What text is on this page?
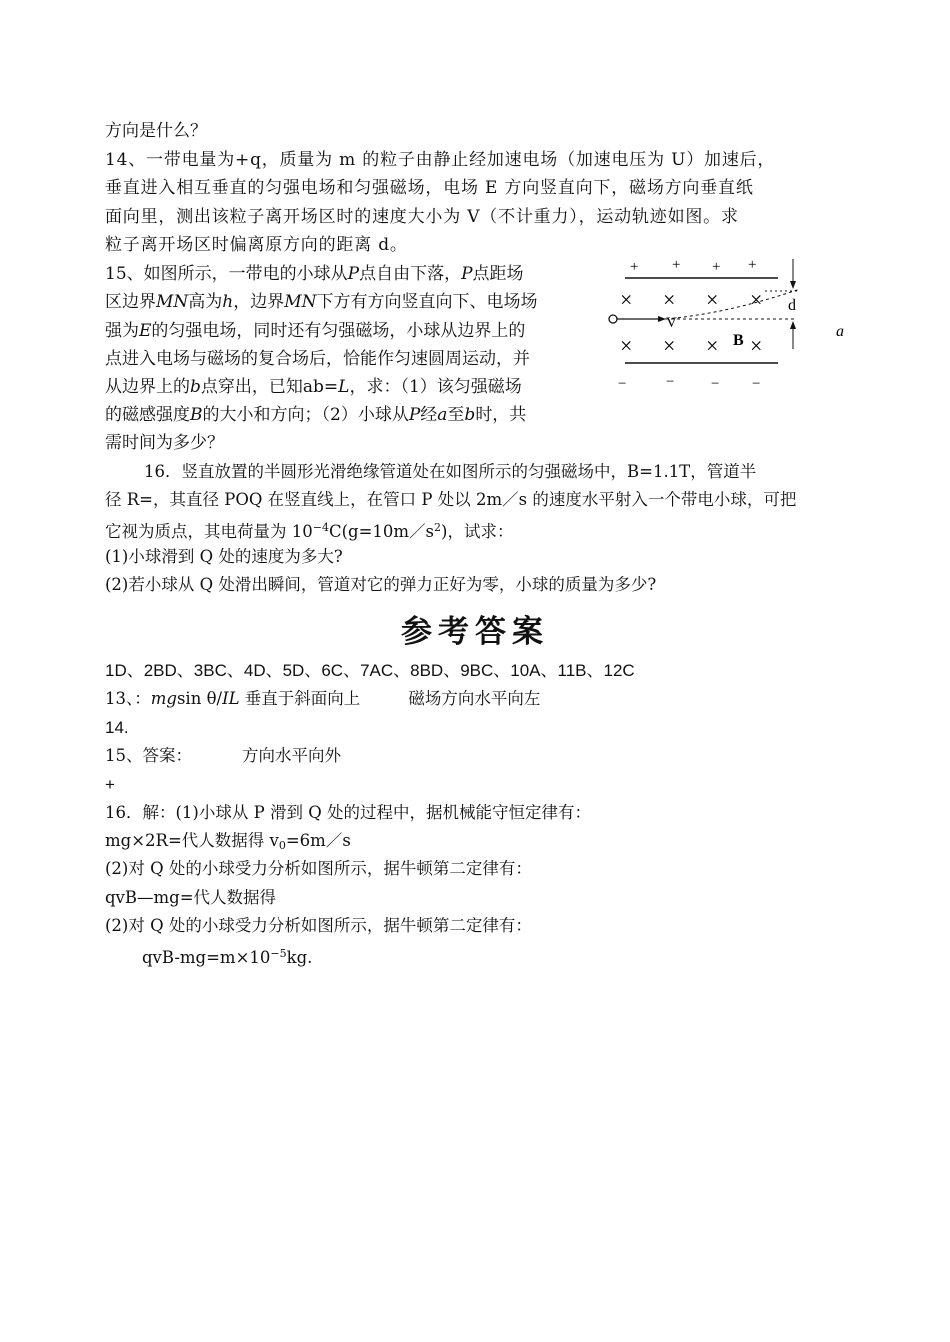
方向是什么？
14、一带电量为+q，质量为 m 的粒子由静止经加速电场（加速电压为 U）加速后，
垂直进入相互垂直的匀强电场和匀强磁场，电场 E 方向竖直向下，磁场方向垂直纸
面向里，测出该粒子离开场区时的速度大小为 V（不计重力），运动轨迹如图。求
粒子离开场区时偏离原方向的距离 d。
15、如图所示，一带电的小球从P点自由下落，P点距场
区边界MN高为h，边界MN下方有方向竖直向下、电场场
强为E的匀强电场，同时还有匀强磁场，小球从边界上的
点进入电场与磁场的复合场后，恰能作匀速圆周运动，并
从边界上的b点穿出，已知ab=L，求：（1）该匀强磁场
的磁感强度B的大小和方向；（2）小球从P经a至b时，共
需时间为多少？
+ + + +
× × × ×
× × × ×
V
B
d
a
−	− − −
16．竖直放置的半圆形光滑绝缘管道处在如图所示的匀强磁场中，B=1.1T，管道半
径 R=，其直径 POQ 在竖直线上，在管口 P 处以 2m／s 的速度水平射入一个带电小球，可把
它视为质点，其电荷量为 $10^{-4}C(g=10m/s^2)$，试求：
(1)小球滑到 Q 处的速度为多大?
(2)若小球从 Q 处滑出瞬间，管道对它的弹力正好为零，小球的质量为多少?
参考答案
1D、2BD、3BC、4D、5D、6C、7AC、8BD、9BC、10A、11B、12C
13、：mgsin θ/IL 垂直于斜面向上	磁场方向水平向左
14.
15、答案：	方向水平向外
+
16．解：(1)小球从 P 滑到 Q 处的过程中，据机械能守恒定律有：
mg×2R=代人数据得 $v_0=6m/s$
(2)对 Q 处的小球受力分析如图所示，据牛顿第二定律有：
qvB—mg=代人数据得
(2)对 Q 处的小球受力分析如图所示，据牛顿第二定律有：
qvB-$mg=m\times 10^{-5}kg$.
